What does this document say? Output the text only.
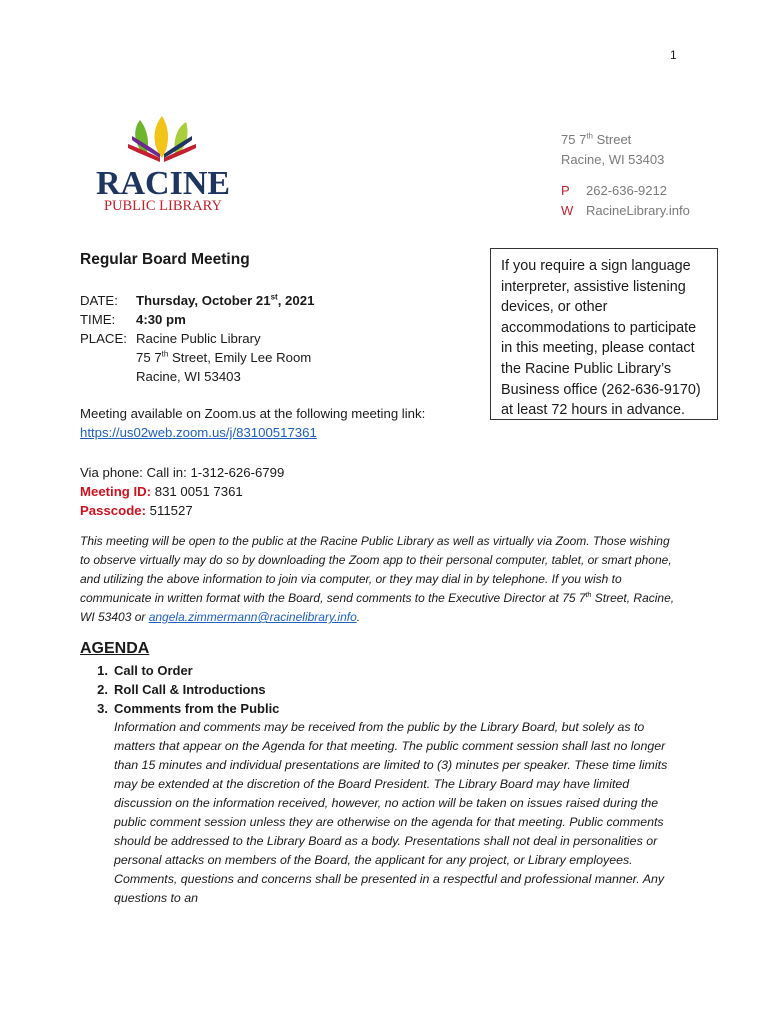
1
RACINE
PUBLIC LIBRARY
75 7th Street
Racine, WI 53403
P 262-636-9212
W RacineLibrary.info
Regular Board Meeting
DATE:	Thursday, October 21st, 2021
TIME:	4:30 pm
PLACE: Racine Public Library
75 7th Street, Emily Lee Room
Racine, WI 53403
Meeting available on Zoom.us at the following meeting link:
https://us02web.zoom.us/j/83100517361
Via phone: Call in: 1-312-626-6799
Meeting ID: 831 0051 7361
Passcode: 511527
If you require a sign language interpreter, assistive listening devices, or other accommodations to participate in this meeting, please contact the Racine Public Library’s Business office (262-636-9170) at least 72 hours in advance.
This meeting will be open to the public at the Racine Public Library as well as virtually via Zoom. Those wishing to observe virtually may do so by downloading the Zoom app to their personal computer, tablet, or smart phone, and utilizing the above information to join via computer, or they may dial in by telephone. If you wish to communicate in written format with the Board, send comments to the Executive Director at 75 7th Street, Racine, WI 53403 or angela.zimmermann@racinelibrary.info.
AGENDA
1. Call to Order
2. Roll Call & Introductions
3. Comments from the Public
Information and comments may be received from the public by the Library Board, but solely as to matters that appear on the Agenda for that meeting. The public comment session shall last no longer than 15 minutes and individual presentations are limited to (3) minutes per speaker. These time limits may be extended at the discretion of the Board President. The Library Board may have limited discussion on the information received, however, no action will be taken on issues raised during the public comment session unless they are otherwise on the agenda for that meeting. Public comments should be addressed to the Library Board as a body. Presentations shall not deal in personalities or personal attacks on members of the Board, the applicant for any project, or Library employees. Comments, questions and concerns shall be presented in a respectful and professional manner. Any questions to an
